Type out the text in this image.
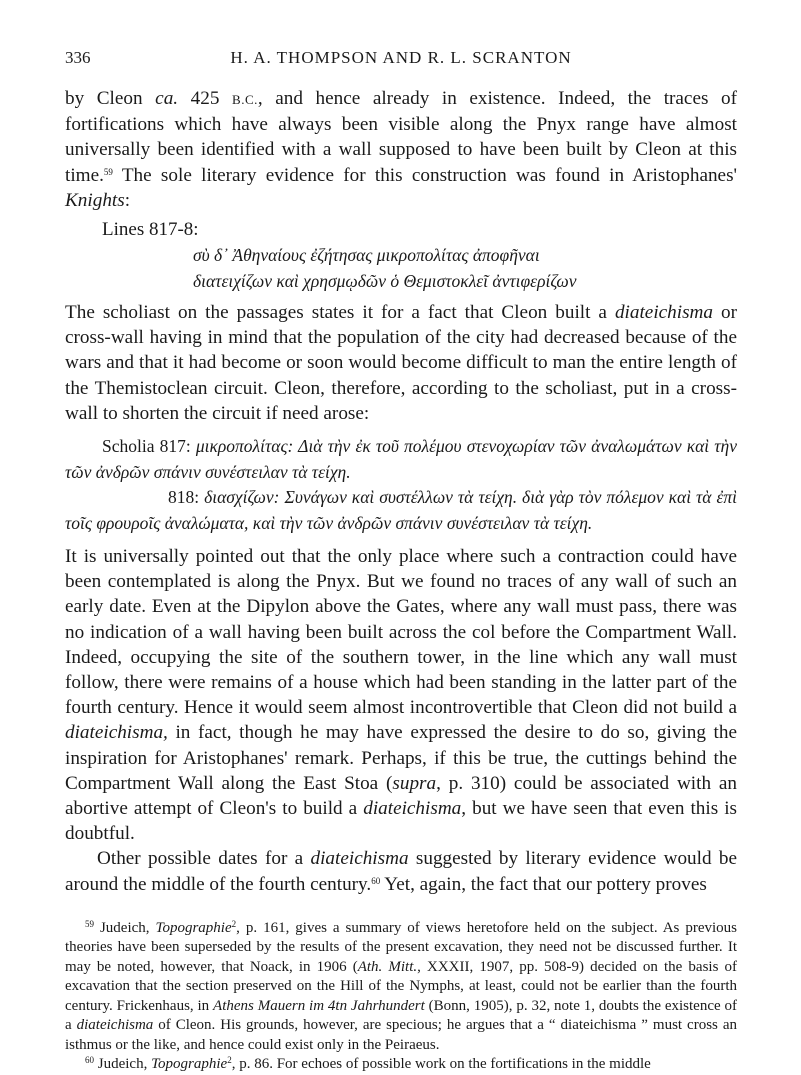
336	H. A. THOMPSON AND R. L. SCRANTON

by Cleon ca. 425 B.C., and hence already in existence. Indeed, the traces of fortifications which have always been visible along the Pnyx range have almost universally been identified with a wall supposed to have been built by Cleon at this time.$^{59}$ The sole literary evidence for this construction was found in Aristophanes' Knights:

Lines 817-8:
σὺ δ᾽ Ἀθηναίους ἐζήτησας μικροπολίτας ἀποφῆναι
διατειχίζων καὶ χρησμῳδῶν ὁ Θεμιστοκλεῖ ἀντιφερίζων

The scholiast on the passages states it for a fact that Cleon built a diateichisma or cross-wall having in mind that the population of the city had decreased because of the wars and that it had become or soon would become difficult to man the entire length of the Themistoclean circuit. Cleon, therefore, according to the scholiast, put in a cross-wall to shorten the circuit if need arose:

Scholia 817: μικροπολίτας: Διὰ τὴν ἐκ τοῦ πολέμου στενοχωρίαν τῶν ἀναλωμάτων καὶ τὴν τῶν ἀνδρῶν σπάνιν συνέστειλαν τὰ τείχη.

818: διασχίζων: Συνάγων καὶ συστέλλων τὰ τείχη. διὰ γὰρ τὸν πόλεμον καὶ τὰ ἐπὶ τοῖς φρουροῖς ἀναλώματα, καὶ τὴν τῶν ἀνδρῶν σπάνιν συνέστειλαν τὰ τείχη.

It is universally pointed out that the only place where such a contraction could have been contemplated is along the Pnyx. But we found no traces of any wall of such an early date. Even at the Dipylon above the Gates, where any wall must pass, there was no indication of a wall having been built across the col before the Compartment Wall. Indeed, occupying the site of the southern tower, in the line which any wall must follow, there were remains of a house which had been standing in the latter part of the fourth century. Hence it would seem almost incontrovertible that Cleon did not build a diateichisma, in fact, though he may have expressed the desire to do so, giving the inspiration for Aristophanes' remark. Perhaps, if this be true, the cuttings behind the Compartment Wall along the East Stoa (supra, p. 310) could be associated with an abortive attempt of Cleon's to build a diateichisma, but we have seen that even this is doubtful.

Other possible dates for a diateichisma suggested by literary evidence would be around the middle of the fourth century.$^{60}$ Yet, again, the fact that our pottery proves

$^{59}$ Judeich, Topographie$^2$, p. 161, gives a summary of views heretofore held on the subject. As previous theories have been superseded by the results of the present excavation, they need not be discussed further. It may be noted, however, that Noack, in 1906 (Ath. Mitt., XXXII, 1907, pp. 508-9) decided on the basis of excavation that the section preserved on the Hill of the Nymphs, at least, could not be earlier than the fourth century. Frickenhaus, in Athens Mauern im 4tn Jahrhundert (Bonn, 1905), p. 32, note 1, doubts the existence of a diateichisma of Cleon. His grounds, however, are specious; he argues that a “ diateichisma ” must cross an isthmus or the like, and hence could exist only in the Peiraeus.

$^{60}$ Judeich, Topographie$^2$, p. 86. For echoes of possible work on the fortifications in the middle
